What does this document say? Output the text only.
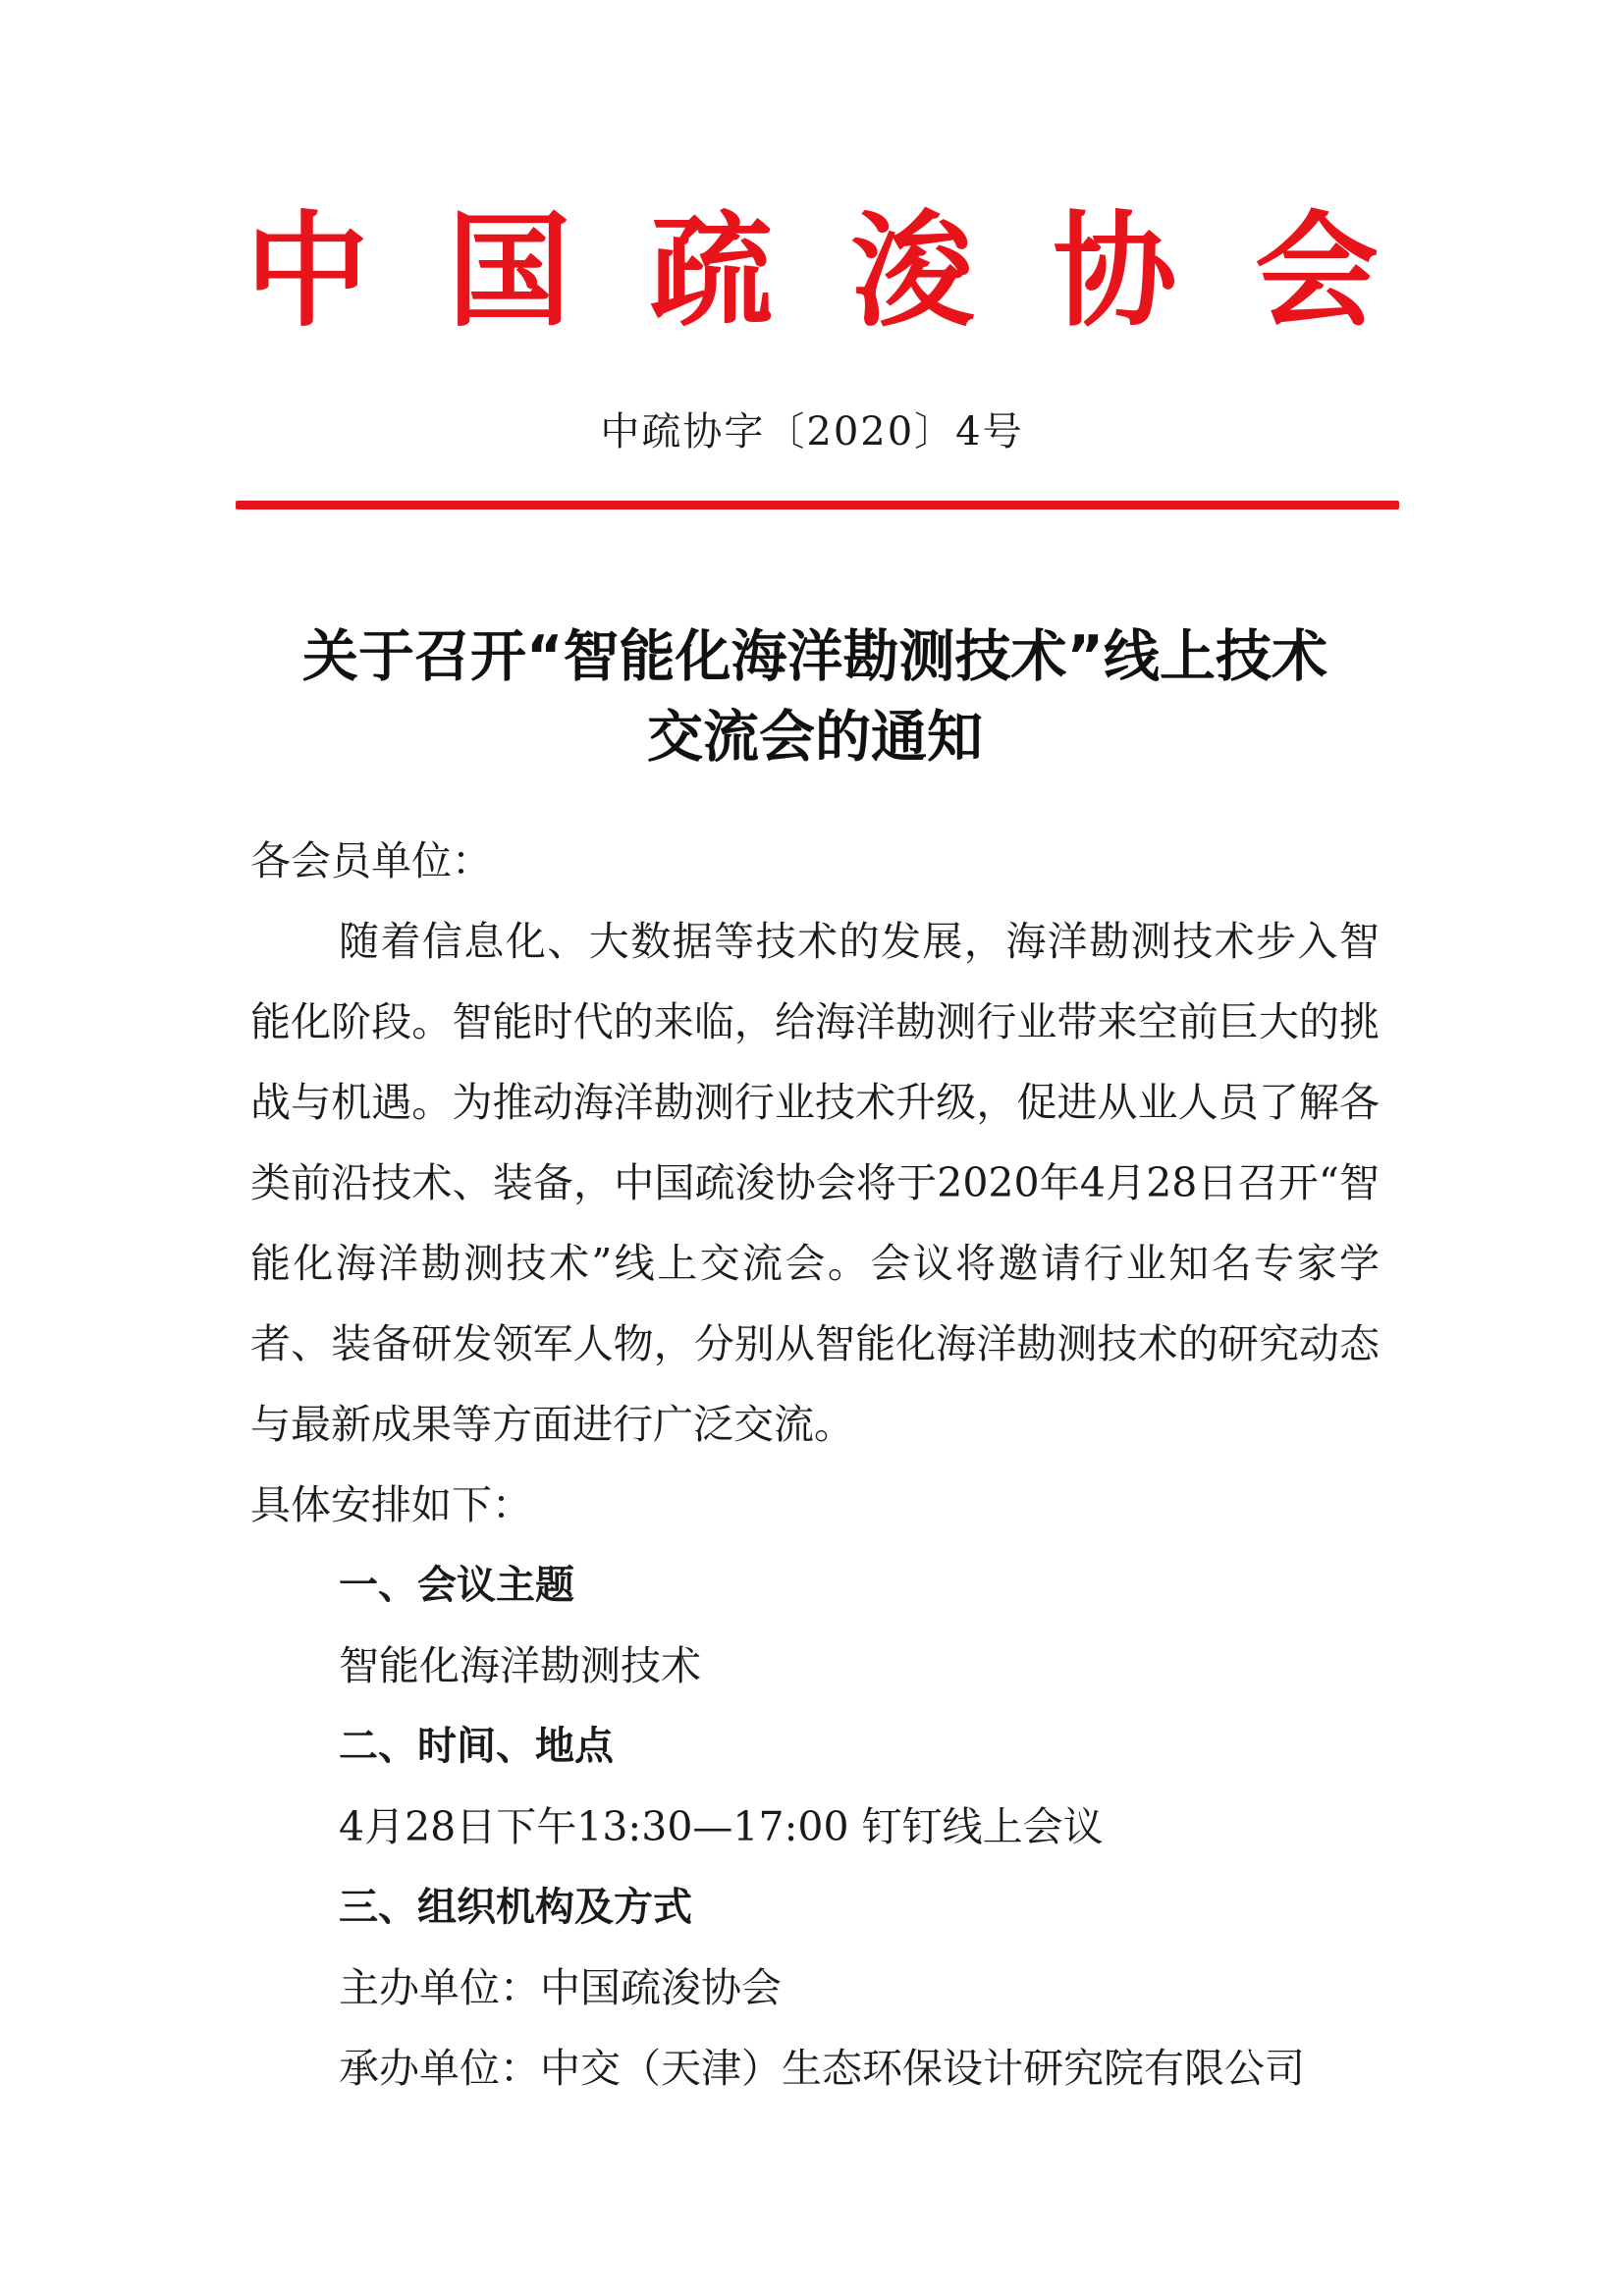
中 国 疏 浚 协 会
中疏协字〔2020〕4号
关于召开“智能化海洋勘测技术”线上技术
交流会的通知

各会员单位：

随着信息化、大数据等技术的发展，海洋勘测技术步入智能化阶段。智能时代的来临，给海洋勘测行业带来空前巨大的挑战与机遇。为推动海洋勘测行业技术升级，促进从业人员了解各类前沿技术、装备，中国疏浚协会将于2020年4月28日召开“智能化海洋勘测技术”线上交流会。会议将邀请行业知名专家学者、装备研发领军人物，分别从智能化海洋勘测技术的研究动态与最新成果等方面进行广泛交流。

具体安排如下：

一、会议主题

智能化海洋勘测技术

二、时间、地点

4月28日下午13:30—17:00 钉钉线上会议

三、组织机构及方式

主办单位：中国疏浚协会

承办单位：中交（天津）生态环保设计研究院有限公司
